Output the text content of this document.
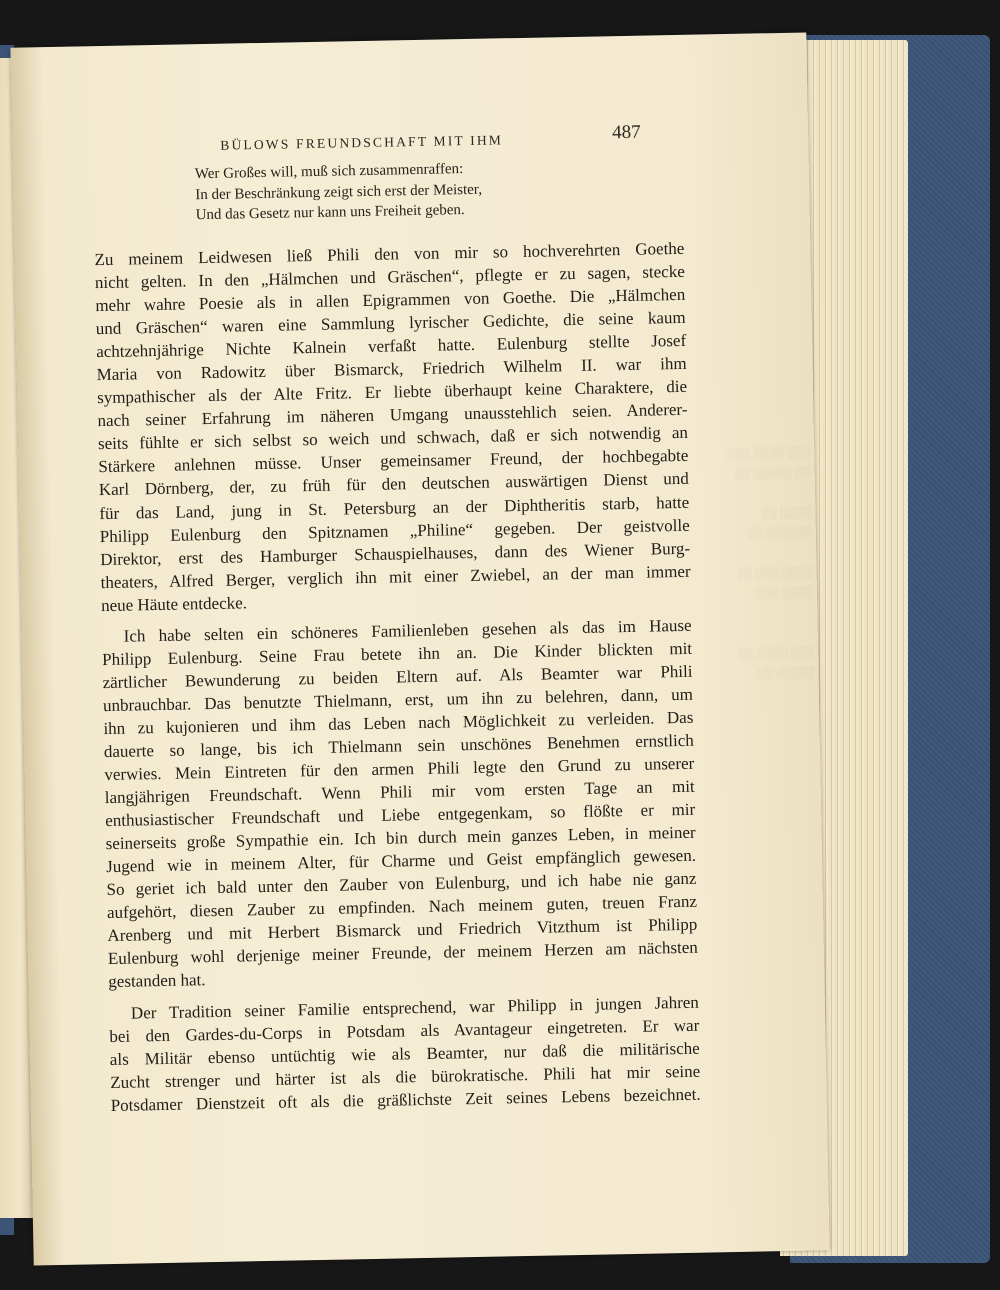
░░░ ░░░░ ░░░
░░ ░░░░░ ░░

░░░░ ░░
░░░░░░ ░░

░░░░ ░░░ ░░
░░░░ ░░░

░░░ ░░░░ ░░
░░░░░ ░░
BÜLOWS FREUNDSCHAFT MIT IHM	487
Wer Großes will, muß sich zusammenraffen:
In der Beschränkung zeigt sich erst der Meister,
Und das Gesetz nur kann uns Freiheit geben.

Zu meinem Leidwesen ließ Phili den von mir so hochverehrten Goethe
nicht gelten. In den „Hälmchen und Gräschen“, pflegte er zu sagen, stecke
mehr wahre Poesie als in allen Epigrammen von Goethe. Die „Hälmchen
und Gräschen“ waren eine Sammlung lyrischer Gedichte, die seine kaum
achtzehnjährige Nichte Kalnein verfaßt hatte. Eulenburg stellte Josef
Maria von Radowitz über Bismarck, Friedrich Wilhelm II. war ihm
sympathischer als der Alte Fritz. Er liebte überhaupt keine Charaktere, die
nach seiner Erfahrung im näheren Umgang unausstehlich seien. Anderer-
seits fühlte er sich selbst so weich und schwach, daß er sich notwendig an
Stärkere anlehnen müsse. Unser gemeinsamer Freund, der hochbegabte
Karl Dörnberg, der, zu früh für den deutschen auswärtigen Dienst und
für das Land, jung in St. Petersburg an der Diphtheritis starb, hatte
Philipp Eulenburg den Spitznamen „Philine“ gegeben. Der geistvolle
Direktor, erst des Hamburger Schauspielhauses, dann des Wiener Burg-
theaters, Alfred Berger, verglich ihn mit einer Zwiebel, an der man immer
neue Häute entdecke.

Ich habe selten ein schöneres Familienleben gesehen als das im Hause
Philipp Eulenburg. Seine Frau betete ihn an. Die Kinder blickten mit
zärtlicher Bewunderung zu beiden Eltern auf. Als Beamter war Phili
unbrauchbar. Das benutzte Thielmann, erst, um ihn zu belehren, dann, um
ihn zu kujonieren und ihm das Leben nach Möglichkeit zu verleiden. Das
dauerte so lange, bis ich Thielmann sein unschönes Benehmen ernstlich
verwies. Mein Eintreten für den armen Phili legte den Grund zu unserer
langjährigen Freundschaft. Wenn Phili mir vom ersten Tage an mit
enthusiastischer Freundschaft und Liebe entgegenkam, so flößte er mir
seinerseits große Sympathie ein. Ich bin durch mein ganzes Leben, in meiner
Jugend wie in meinem Alter, für Charme und Geist empfänglich gewesen.
So geriet ich bald unter den Zauber von Eulenburg, und ich habe nie ganz
aufgehört, diesen Zauber zu empfinden. Nach meinem guten, treuen Franz
Arenberg und mit Herbert Bismarck und Friedrich Vitzthum ist Philipp
Eulenburg wohl derjenige meiner Freunde, der meinem Herzen am nächsten
gestanden hat.

Der Tradition seiner Familie entsprechend, war Philipp in jungen Jahren
bei den Gardes-du-Corps in Potsdam als Avantageur eingetreten. Er war
als Militär ebenso untüchtig wie als Beamter, nur daß die militärische
Zucht strenger und härter ist als die bürokratische. Phili hat mir seine
Potsdamer Dienstzeit oft als die gräßlichste Zeit seines Lebens bezeichnet.
